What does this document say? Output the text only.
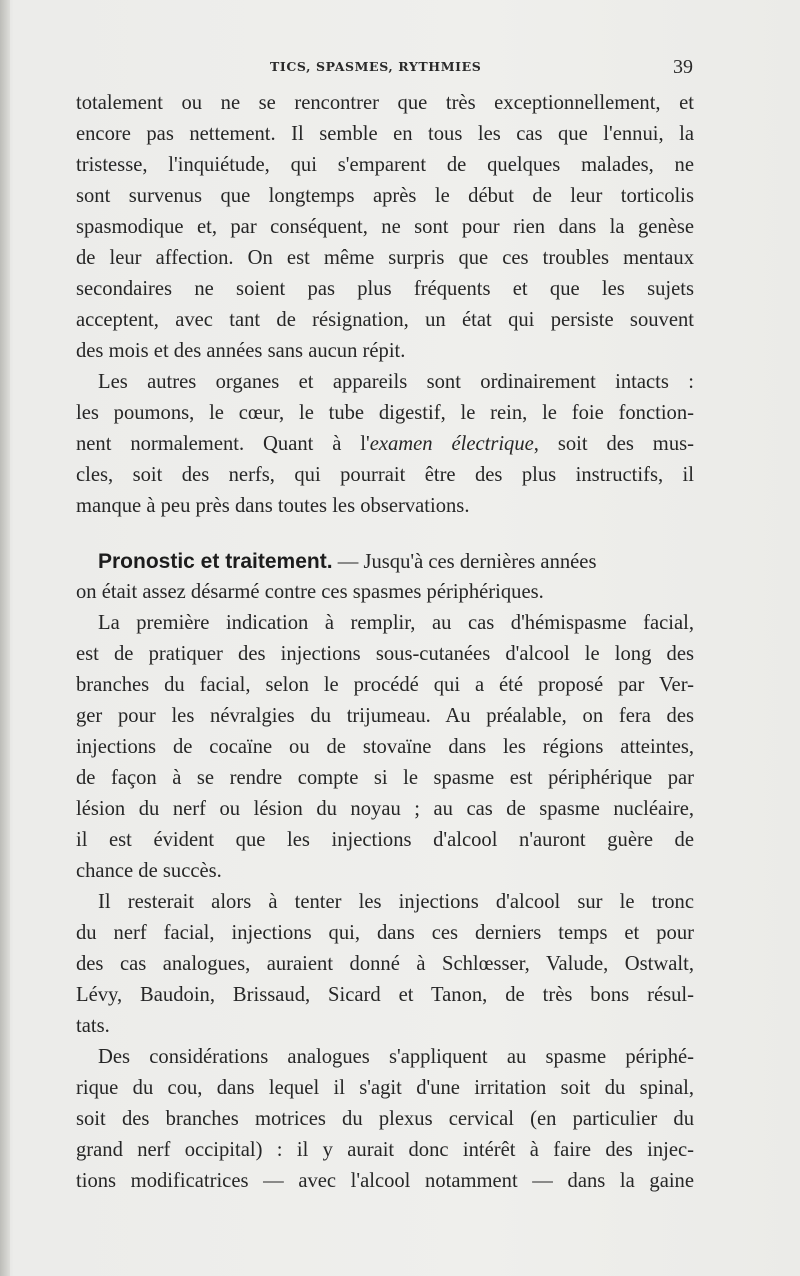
TICS, SPASMES, RYTHMIES	39
totalement ou ne se rencontrer que très exceptionnellement, et
encore pas nettement. Il semble en tous les cas que l'ennui, la
tristesse, l'inquiétude, qui s'emparent de quelques malades, ne
sont survenus que longtemps après le début de leur torticolis
spasmodique et, par conséquent, ne sont pour rien dans la genèse
de leur affection. On est même surpris que ces troubles mentaux
secondaires ne soient pas plus fréquents et que les sujets
acceptent, avec tant de résignation, un état qui persiste souvent
des mois et des années sans aucun répit.
Les autres organes et appareils sont ordinairement intacts :
les poumons, le cœur, le tube digestif, le rein, le foie fonction-
nent normalement. Quant à l'examen électrique, soit des mus-
cles, soit des nerfs, qui pourrait être des plus instructifs, il
manque à peu près dans toutes les observations.
Pronostic et traitement. — Jusqu'à ces dernières années
on était assez désarmé contre ces spasmes périphériques.
La première indication à remplir, au cas d'hémispasme facial,
est de pratiquer des injections sous-cutanées d'alcool le long des
branches du facial, selon le procédé qui a été proposé par Ver-
ger pour les névralgies du trijumeau. Au préalable, on fera des
injections de cocaïne ou de stovaïne dans les régions atteintes,
de façon à se rendre compte si le spasme est périphérique par
lésion du nerf ou lésion du noyau ; au cas de spasme nucléaire,
il est évident que les injections d'alcool n'auront guère de
chance de succès.
Il resterait alors à tenter les injections d'alcool sur le tronc
du nerf facial, injections qui, dans ces derniers temps et pour
des cas analogues, auraient donné à Schlœsser, Valude, Ostwalt,
Lévy, Baudoin, Brissaud, Sicard et Tanon, de très bons résul-
tats.
Des considérations analogues s'appliquent au spasme périphé-
rique du cou, dans lequel il s'agit d'une irritation soit du spinal,
soit des branches motrices du plexus cervical (en particulier du
grand nerf occipital) : il y aurait donc intérêt à faire des injec-
tions modificatrices — avec l'alcool notamment — dans la gaine
